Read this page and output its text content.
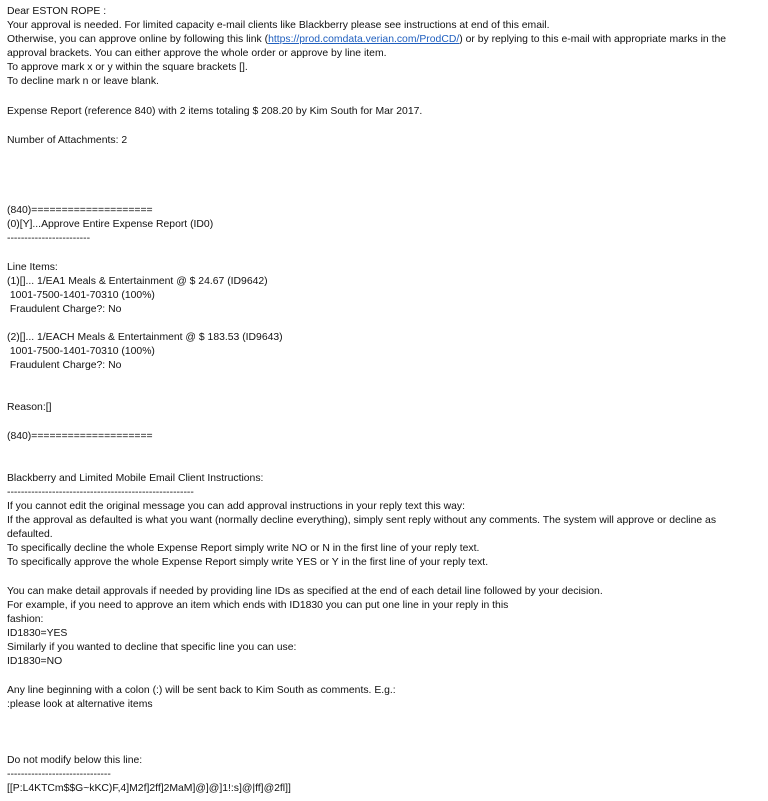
Dear ESTON ROPE :
Your approval is needed. For limited capacity e-mail clients like Blackberry please see instructions at end of this email.
Otherwise, you can approve online by following this link (https://prod.comdata.verian.com/ProdCD/) or by replying to this e-mail with appropriate marks in the approval brackets. You can either approve the whole order or approve by line item.
To approve mark x or y within the square brackets [].
To decline mark n or leave blank.
Expense Report (reference 840) with 2 items totaling $ 208.20 by Kim South for Mar 2017.
Number of Attachments: 2
(840)====================
(0)[Y]...Approve Entire Expense Report (ID0)
------------------------
Line Items:
(1)[]... 1/EA1 Meals & Entertainment @ $ 24.67 (ID9642)
1001-7500-1401-70310 (100%)
Fraudulent Charge?: No
(2)[]... 1/EACH Meals & Entertainment @ $ 183.53 (ID9643)
1001-7500-1401-70310 (100%)
Fraudulent Charge?: No
Reason:[]
(840)====================
Blackberry and Limited Mobile Email Client Instructions:
------------------------------------------------------
If you cannot edit the original message you can add approval instructions in your reply text this way:
If the approval as defaulted is what you want (normally decline everything), simply sent reply without any comments. The system will approve or decline as defaulted.
To specifically decline the whole Expense Report simply write NO or N in the first line of your reply text.
To specifically approve the whole Expense Report simply write YES or Y in the first line of your reply text.
You can make detail approvals if needed by providing line IDs as specified at the end of each detail line followed by your decision.
For example, if you need to approve an item which ends with ID1830 you can put one line in your reply in this
fashion:
ID1830=YES
Similarly if you wanted to decline that specific line you can use:
ID1830=NO
Any line beginning with a colon (:) will be sent back to Kim South as comments. E.g.:
:please look at alternative items
Do not modify below this line:
------------------------------
[[P:L4KTCm$$G~kKC)F,4]M2f]2ff]2MaM]@]@]1!:s]@|ff]@2fl]]
